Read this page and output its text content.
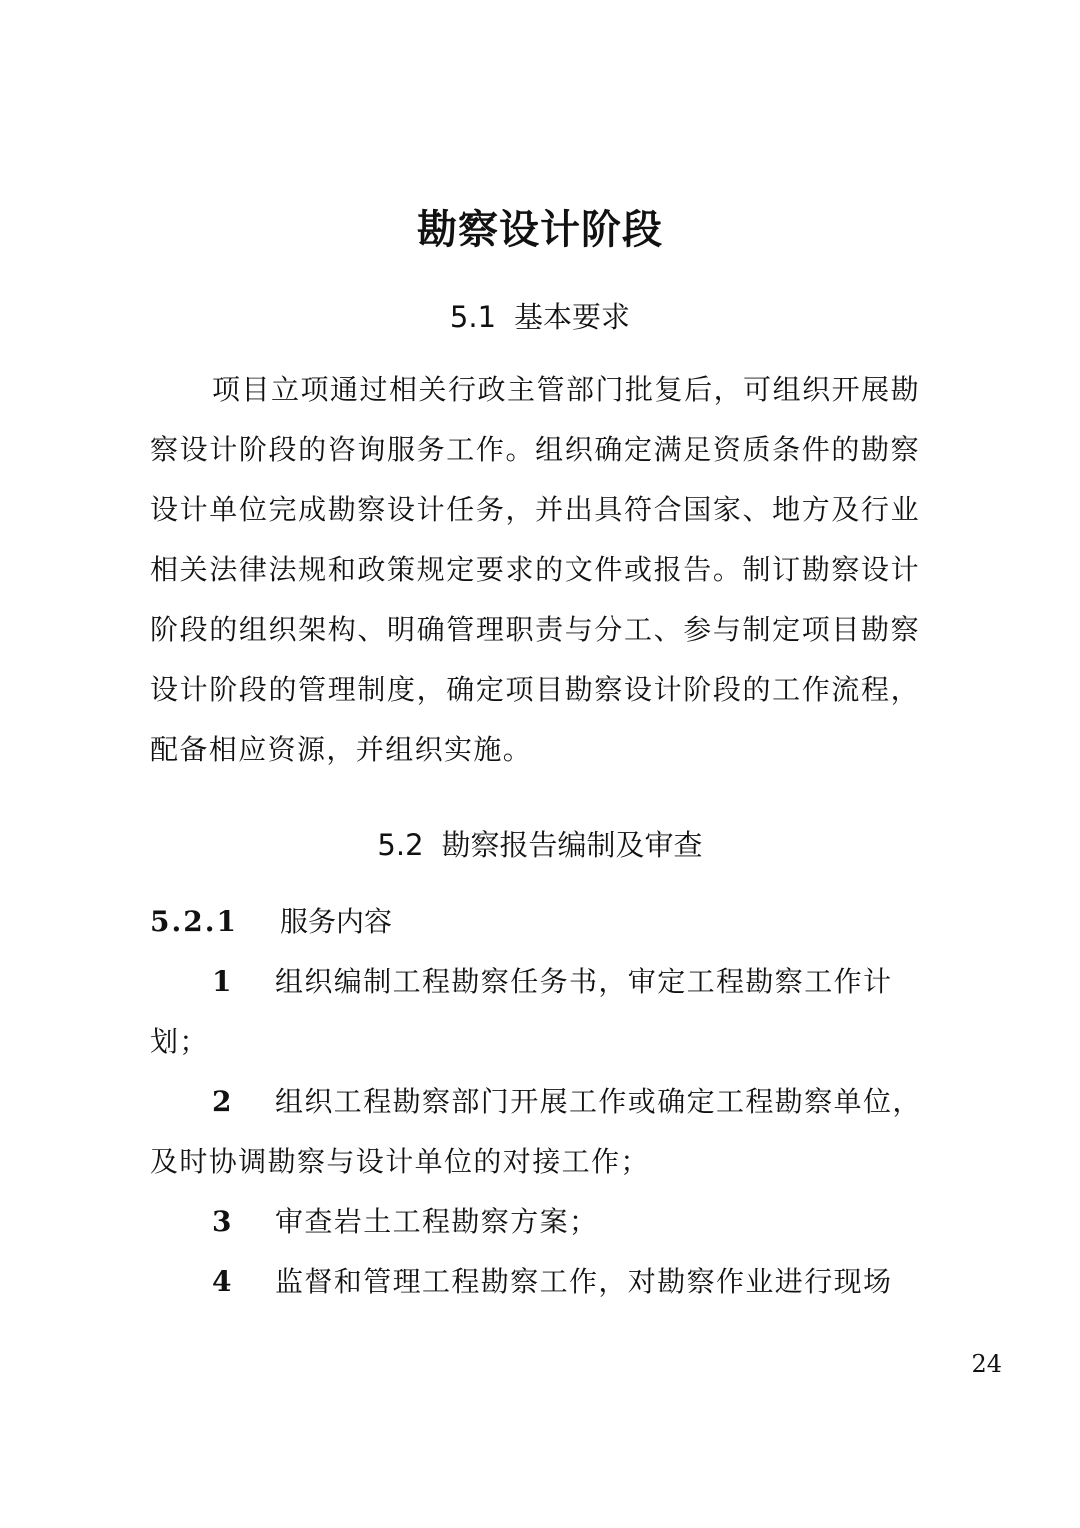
勘察设计阶段
5.1 基本要求
项目立项通过相关行政主管部门批复后，可组织开展勘察设计阶段的咨询服务工作。组织确定满足资质条件的勘察设计单位完成勘察设计任务，并出具符合国家、地方及行业相关法律法规和政策规定要求的文件或报告。制订勘察设计阶段的组织架构、明确管理职责与分工、参与制定项目勘察设计阶段的管理制度，确定项目勘察设计阶段的工作流程，配备相应资源，并组织实施。
5.2 勘察报告编制及审查
5.2.1 服务内容
1 组织编制工程勘察任务书，审定工程勘察工作计划；
2 组织工程勘察部门开展工作或确定工程勘察单位，及时协调勘察与设计单位的对接工作；
3 审查岩土工程勘察方案；
4 监督和管理工程勘察工作，对勘察作业进行现场
24
